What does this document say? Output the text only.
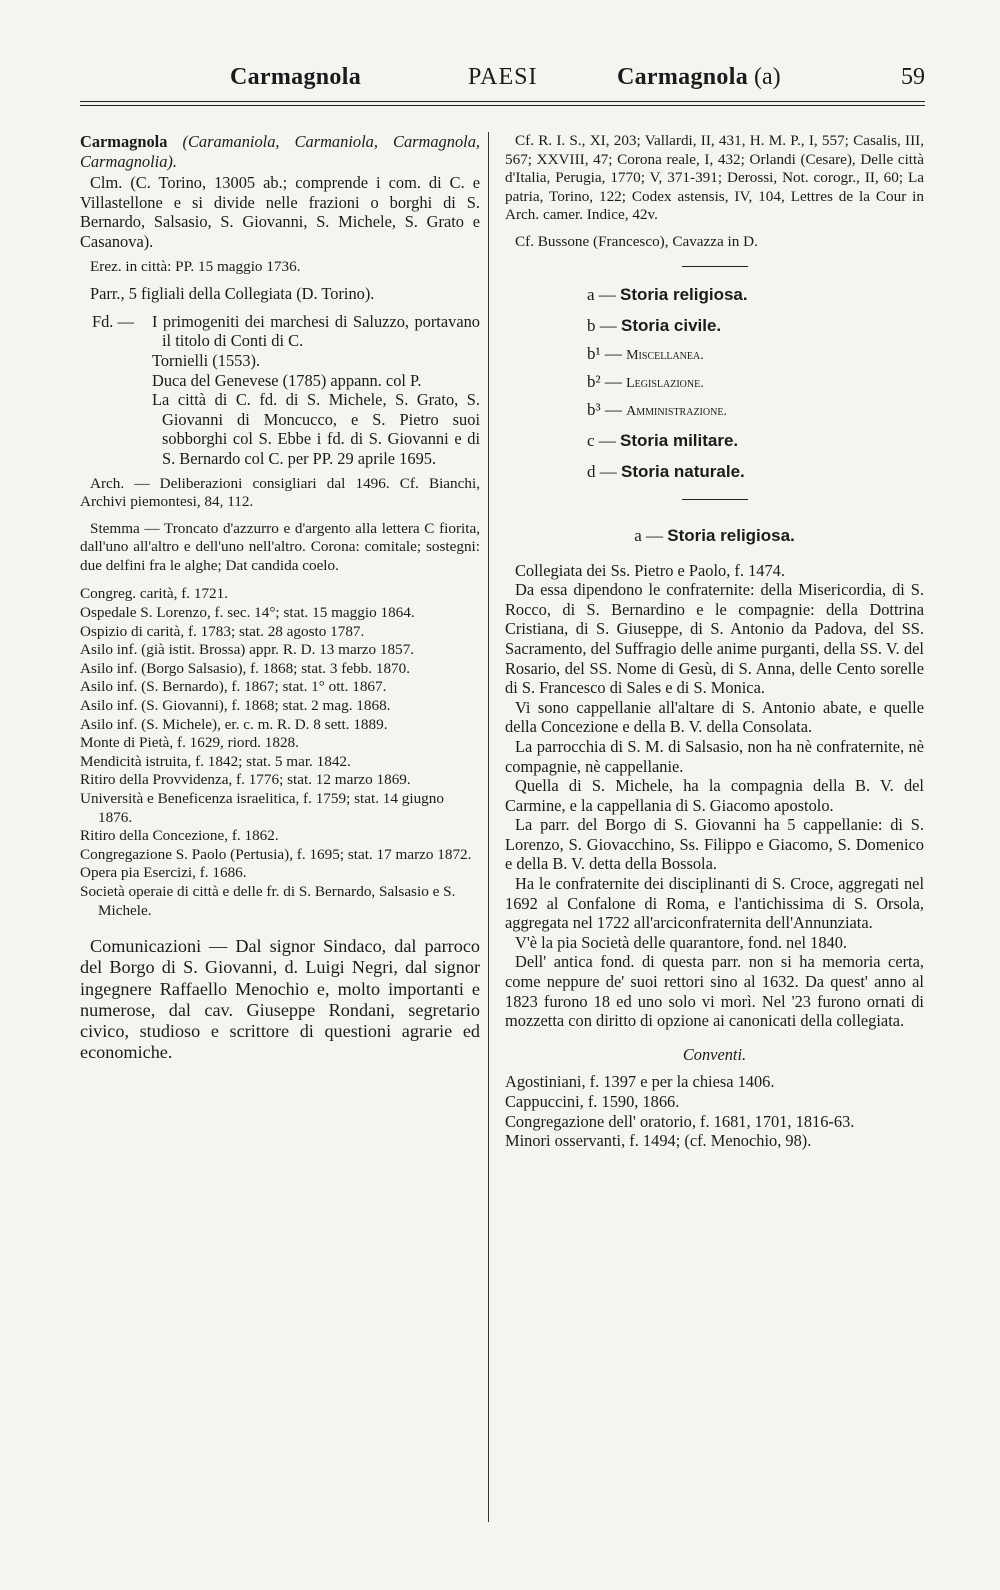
Carmagnola	PAESI	Carmagnola (a)	59

Carmagnola (Caramaniola, Carmaniola, Carmagnola, Carmagnolia).

Clm. (C. Torino, 13005 ab.; comprende i com. di C. e Villastellone e si divide nelle frazioni o borghi di S. Bernardo, Salsasio, S. Giovanni, S. Michele, S. Grato e Casanova).

Erez. in città: PP. 15 maggio 1736.

Parr., 5 figliali della Collegiata (D. Torino).

Fd. —	I primogeniti dei marchesi di Saluzzo, portavano il titolo di Conti di C.

Tornielli (1553).

Duca del Genevese (1785) appann. col P.

La città di C. fd. di S. Michele, S. Grato, S. Giovanni di Moncucco, e S. Pietro suoi sobborghi col S. Ebbe i fd. di S. Giovanni e di S. Bernardo col C. per PP. 29 aprile 1695.

Arch. — Deliberazioni consigliari dal 1496. Cf. Bianchi, Archivi piemontesi, 84, 112.

Stemma — Troncato d'azzurro e d'argento alla lettera C fiorita, dall'uno all'altro e dell'uno nell'altro. Corona: comitale; sostegni: due delfini fra le alghe; Dat candida coelo.

Congreg. carità, f. 1721.

Ospedale S. Lorenzo, f. sec. 14°; stat. 15 maggio 1864.

Ospizio di carità, f. 1783; stat. 28 agosto 1787.

Asilo inf. (già istit. Brossa) appr. R. D. 13 marzo 1857.

Asilo inf. (Borgo Salsasio), f. 1868; stat. 3 febb. 1870.

Asilo inf. (S. Bernardo), f. 1867; stat. 1° ott. 1867.

Asilo inf. (S. Giovanni), f. 1868; stat. 2 mag. 1868.

Asilo inf. (S. Michele), er. c. m. R. D. 8 sett. 1889.

Monte di Pietà, f. 1629, riord. 1828.

Mendicità istruita, f. 1842; stat. 5 mar. 1842.

Ritiro della Provvidenza, f. 1776; stat. 12 marzo 1869.

Università e Beneficenza israelitica, f. 1759; stat. 14 giugno 1876.

Ritiro della Concezione, f. 1862.

Congregazione S. Paolo (Pertusia), f. 1695; stat. 17 marzo 1872.

Opera pia Esercizi, f. 1686.

Società operaie di città e delle fr. di S. Bernardo, Salsasio e S. Michele.

Comunicazioni — Dal signor Sindaco, dal parroco del Borgo di S. Giovanni, d. Luigi Negri, dal signor ingegnere Raffaello Menochio e, molto importanti e numerose, dal cav. Giuseppe Rondani, segretario civico, studioso e scrittore di questioni agrarie ed economiche.

Cf. R. I. S., XI, 203; Vallardi, II, 431, H. M. P., I, 557; Casalis, III, 567; XXVIII, 47; Corona reale, I, 432; Orlandi (Cesare), Delle città d'Italia, Perugia, 1770; V, 371-391; Derossi, Not. corogr., II, 60; La patria, Torino, 122; Codex astensis, IV, 104, Lettres de la Cour in Arch. camer. Indice, 42v.

Cf. Bussone (Francesco), Cavazza in D.

a — Storia religiosa.
b — Storia civile.
b¹ — Miscellanea.
b² — Legislazione.
b³ — Amministrazione.
c — Storia militare.
d — Storia naturale.
a — Storia religiosa.

Collegiata dei Ss. Pietro e Paolo, f. 1474.

Da essa dipendono le confraternite: della Misericordia, di S. Rocco, di S. Bernardino e le compagnie: della Dottrina Cristiana, di S. Giuseppe, di S. Antonio da Padova, del SS. Sacramento, del Suffragio delle anime purganti, della SS. V. del Rosario, del SS. Nome di Gesù, di S. Anna, delle Cento sorelle di S. Francesco di Sales e di S. Monica.

Vi sono cappellanie all'altare di S. Antonio abate, e quelle della Concezione e della B. V. della Consolata.

La parrocchia di S. M. di Salsasio, non ha nè confraternite, nè compagnie, nè cappellanie.

Quella di S. Michele, ha la compagnia della B. V. del Carmine, e la cappellania di S. Giacomo apostolo.

La parr. del Borgo di S. Giovanni ha 5 cappellanie: di S. Lorenzo, S. Giovacchino, Ss. Filippo e Giacomo, S. Domenico e della B. V. detta della Bossola.

Ha le confraternite dei disciplinanti di S. Croce, aggregati nel 1692 al Confalone di Roma, e l'antichissima di S. Orsola, aggregata nel 1722 all'arciconfraternita dell'Annunziata.

V'è la pia Società delle quarantore, fond. nel 1840.

Dell' antica fond. di questa parr. non si ha memoria certa, come neppure de' suoi rettori sino al 1632. Da quest' anno al 1823 furono 18 ed uno solo vi morì. Nel '23 furono ornati di mozzetta con diritto di opzione ai canonicati della collegiata.

Conventi.

Agostiniani, f. 1397 e per la chiesa 1406.

Cappuccini, f. 1590, 1866.

Congregazione dell' oratorio, f. 1681, 1701, 1816-63.

Minori osservanti, f. 1494; (cf. Menochio, 98).
